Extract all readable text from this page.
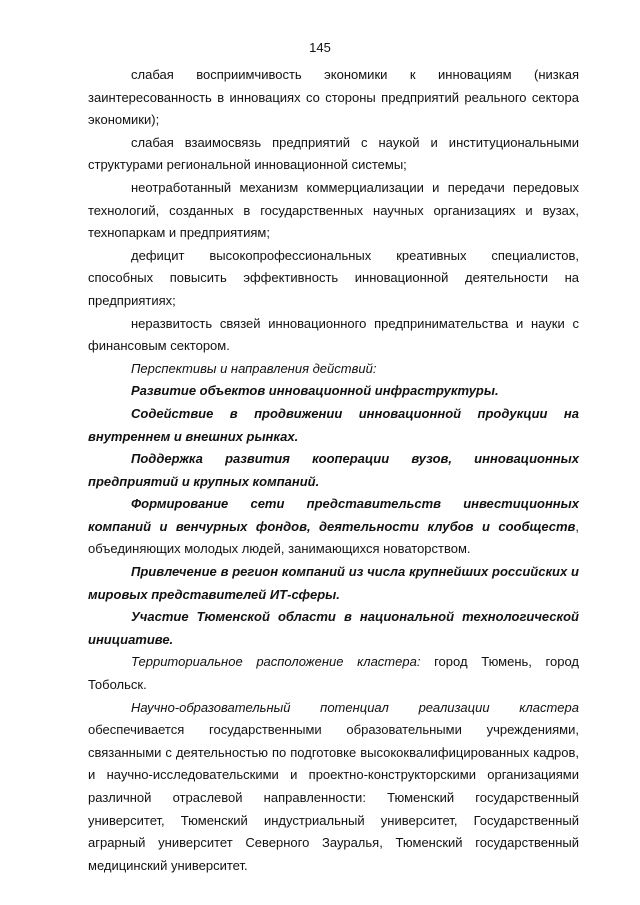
145

слабая восприимчивость экономики к инновациям (низкая заинтересованность в инновациях со стороны предприятий реального сектора экономики);

слабая взаимосвязь предприятий с наукой и институциональными структурами региональной инновационной системы;

неотработанный механизм коммерциализации и передачи передовых технологий, созданных в государственных научных организациях и вузах, технопаркам и предприятиям;

дефицит высокопрофессиональных креативных специалистов, способных повысить эффективность инновационной деятельности на предприятиях;

неразвитость связей инновационного предпринимательства и науки с финансовым сектором.

Перспективы и направления действий:

Развитие объектов инновационной инфраструктуры.

Содействие в продвижении инновационной продукции на внутреннем и внешних рынках.

Поддержка развития кооперации вузов, инновационных предприятий и крупных компаний.

Формирование сети представительств инвестиционных компаний и венчурных фондов, деятельности клубов и сообществ, объединяющих молодых людей, занимающихся новаторством.

Привлечение в регион компаний из числа крупнейших российских и мировых представителей ИТ-сферы.

Участие Тюменской области в национальной технологической инициативе.

Территориальное расположение кластера: город Тюмень, город Тобольск.

Научно-образовательный потенциал реализации кластера обеспечивается государственными образовательными учреждениями, связанными с деятельностью по подготовке высококвалифицированных кадров, и научно-исследовательскими и проектно-конструкторскими организациями различной отраслевой направленности: Тюменский государственный университет, Тюменский индустриальный университет, Государственный аграрный университет Северного Зауралья, Тюменский государственный медицинский университет.
